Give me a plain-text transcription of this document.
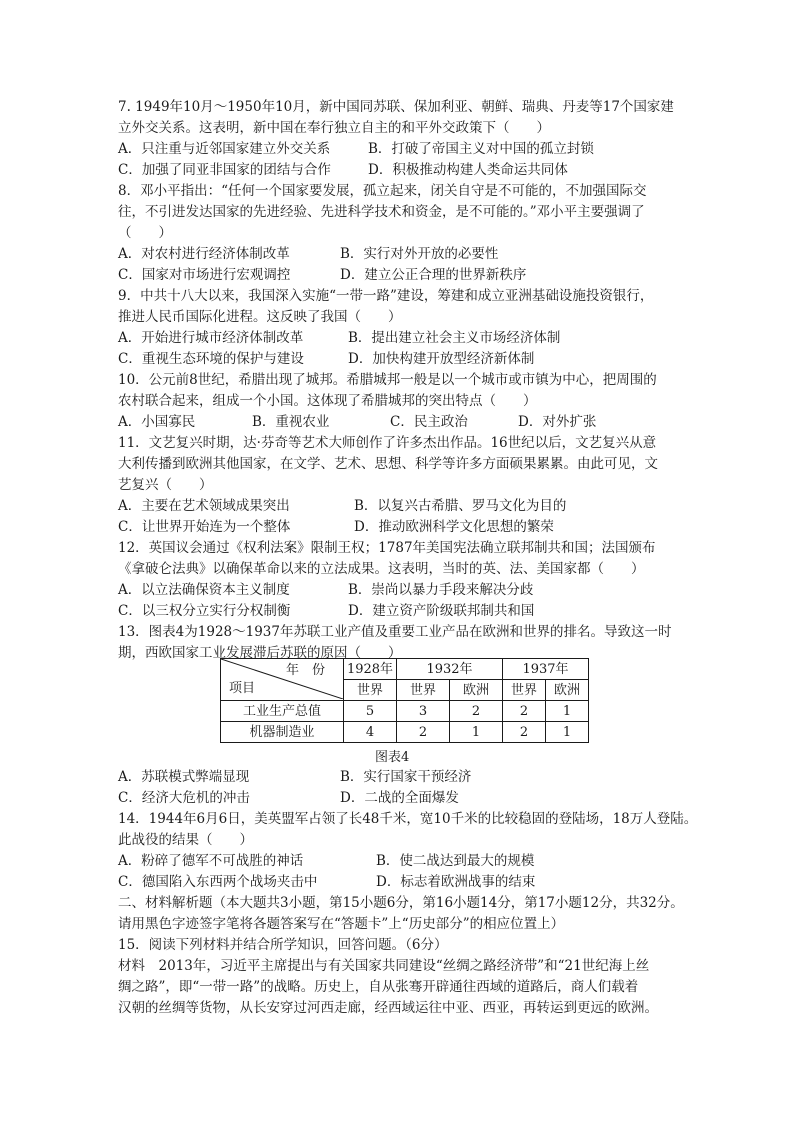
7. 1949年10月～1950年10月，新中国同苏联、保加利亚、朝鲜、瑞典、丹麦等17个国家建
立外交关系。这表明，新中国在奉行独立自主的和平外交政策下（　　）
A．只注重与近邻国家建立外交关系	B．打破了帝国主义对中国的孤立封锁
C．加强了同亚非国家的团结与合作	D．积极推动构建人类命运共同体
8．邓小平指出：“任何一个国家要发展，孤立起来，闭关自守是不可能的，不加强国际交
往，不引进发达国家的先进经验、先进科学技术和资金，是不可能的。”邓小平主要强调了
（　　）
A．对农村进行经济体制改革	B．实行对外开放的必要性
C．国家对市场进行宏观调控	D．建立公正合理的世界新秩序
9．中共十八大以来，我国深入实施“一带一路”建设，筹建和成立亚洲基础设施投资银行，
推进人民币国际化进程。这反映了我国（　　）
A．开始进行城市经济体制改革	B．提出建立社会主义市场经济体制
C．重视生态环境的保护与建设	D．加快构建开放型经济新体制
10．公元前8世纪，希腊出现了城邦。希腊城邦一般是以一个城市或市镇为中心，把周围的
农村联合起来，组成一个小国。这体现了希腊城邦的突出特点（　　）
A．小国寡民	B．重视农业	C．民主政治	D．对外扩张
11．文艺复兴时期，达·芬奇等艺术大师创作了许多杰出作品。16世纪以后，文艺复兴从意
大利传播到欧洲其他国家，在文学、艺术、思想、科学等许多方面硕果累累。由此可见，文
艺复兴（　　）
A．主要在艺术领域成果突出	B．以复兴古希腊、罗马文化为目的
C．让世界开始连为一个整体	D．推动欧洲科学文化思想的繁荣
12．英国议会通过《权利法案》限制王权；1787年美国宪法确立联邦制共和国；法国颁布
《拿破仑法典》以确保革命以来的立法成果。这表明，当时的英、法、美国家都（　　）
A．以立法确保资本主义制度	B．崇尚以暴力手段来解决分歧
C．以三权分立实行分权制衡	D．建立资产阶级联邦制共和国
13．图表4为1928～1937年苏联工业产值及重要工业产品在欧洲和世界的排名。导致这一时
期，西欧国家工业发展滞后苏联的原因（　　）
年　份
项目	1928年	1932年		1937年	
	世界	世界	欧洲	世界	欧洲
工业生产总值	5	3	2	2	1
机器制造业	4	2	1	2	1
图表4
A．苏联模式弊端显现	B．实行国家干预经济
C．经济大危机的冲击	D．二战的全面爆发
14．1944年6月6日，美英盟军占领了长48千米，宽10千米的比较稳固的登陆场，18万人登陆。
此战役的结果（　　）
A．粉碎了德军不可战胜的神话	B．使二战达到最大的规模
C．德国陷入东西两个战场夹击中	D．标志着欧洲战事的结束
二、材料解析题（本大题共3小题，第15小题6分，第16小题14分，第17小题12分，共32分。
请用黑色字迹签字笔将各题答案写在“答题卡”上“历史部分”的相应位置上）
15．阅读下列材料并结合所学知识，回答问题。（6分）
材料　2013年，习近平主席提出与有关国家共同建设“丝绸之路经济带”和“21世纪海上丝
绸之路”，即“一带一路”的战略。历史上，自从张骞开辟通往西域的道路后，商人们载着
汉朝的丝绸等货物，从长安穿过河西走廊，经西域运往中亚、西亚，再转运到更远的欧洲。
